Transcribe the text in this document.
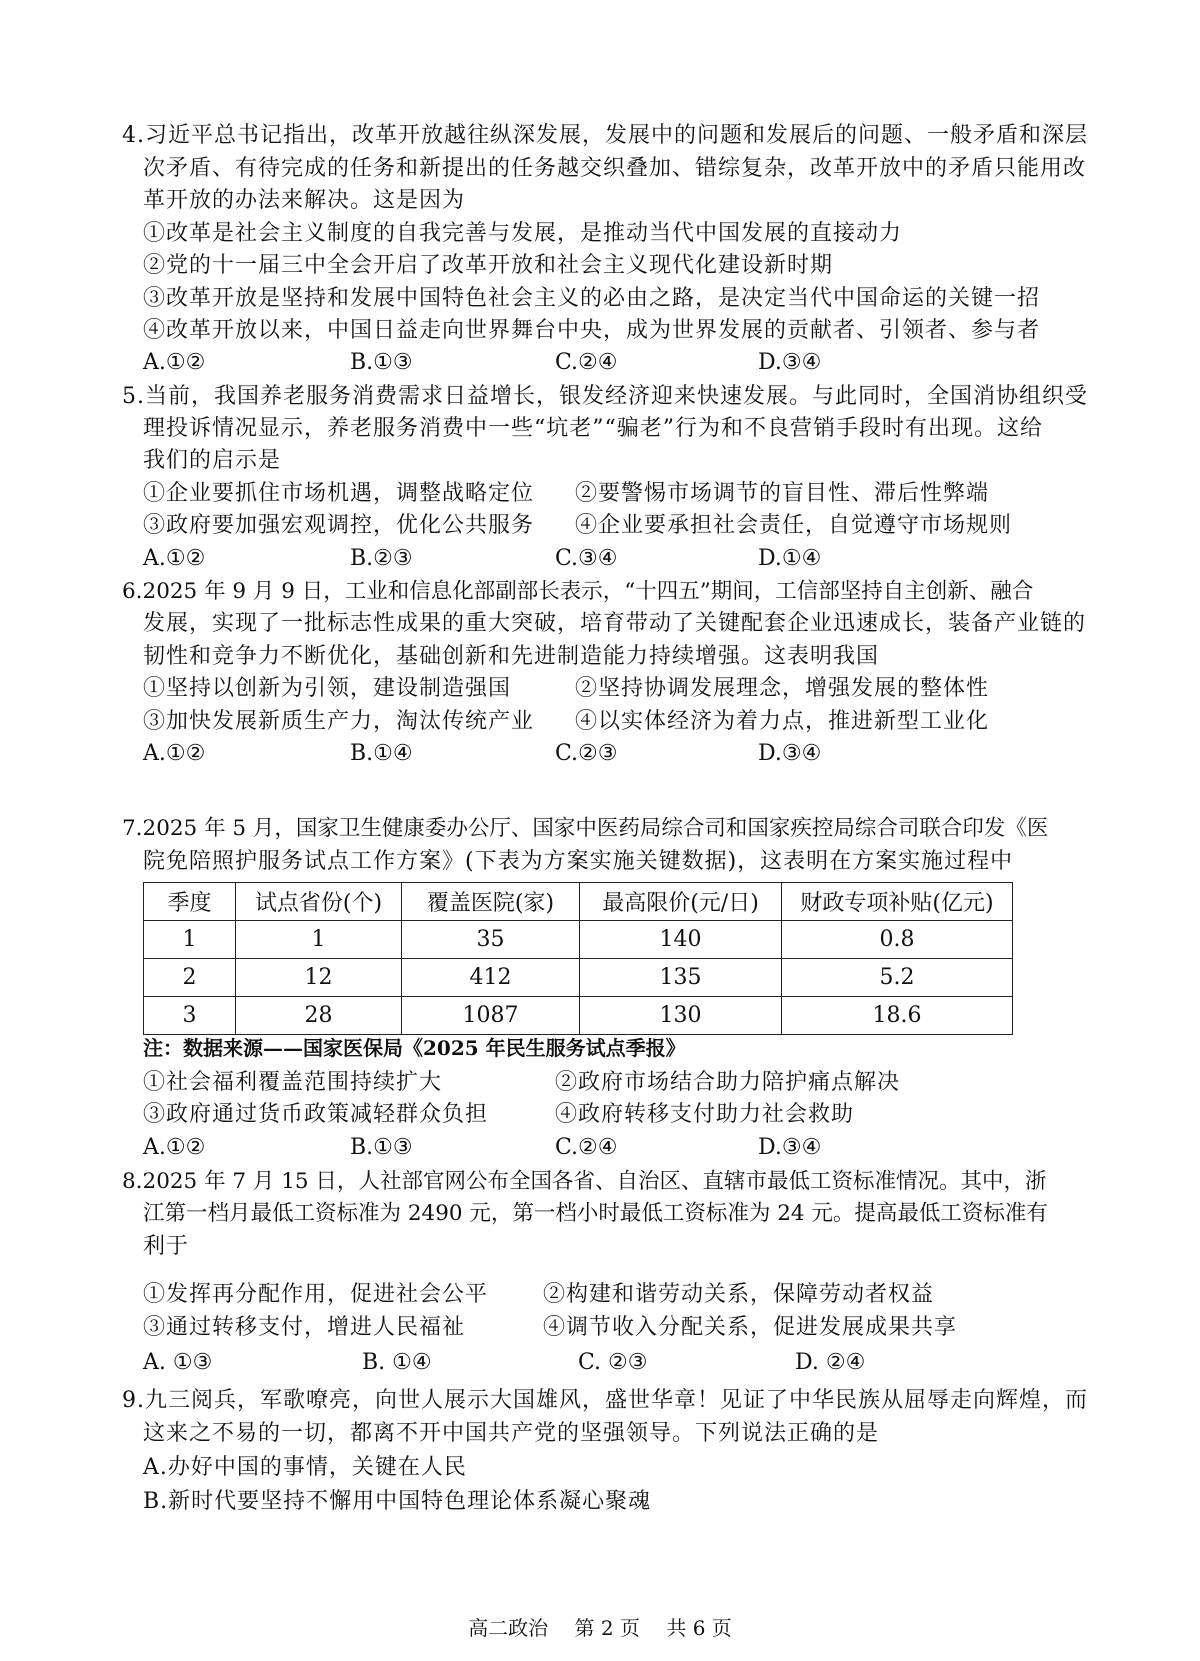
4.习近平总书记指出，改革开放越往纵深发展，发展中的问题和发展后的问题、一般矛盾和深层
次矛盾、有待完成的任务和新提出的任务越交织叠加、错综复杂，改革开放中的矛盾只能用改
革开放的办法来解决。这是因为
①改革是社会主义制度的自我完善与发展，是推动当代中国发展的直接动力
②党的十一届三中全会开启了改革开放和社会主义现代化建设新时期
③改革开放是坚持和发展中国特色社会主义的必由之路，是决定当代中国命运的关键一招
④改革开放以来，中国日益走向世界舞台中央，成为世界发展的贡献者、引领者、参与者
A.①②	B.①③	C.②④	D.③④
5.当前，我国养老服务消费需求日益增长，银发经济迎来快速发展。与此同时，全国消协组织受
理投诉情况显示，养老服务消费中一些“坑老”“骗老”行为和不良营销手段时有出现。这给
我们的启示是
①企业要抓住市场机遇，调整战略定位 ②要警惕市场调节的盲目性、滞后性弊端
③政府要加强宏观调控，优化公共服务 ④企业要承担社会责任，自觉遵守市场规则
A.①②	B.②③	C.③④	D.①④
6.2025 年 9 月 9 日，工业和信息化部副部长表示，“十四五”期间，工信部坚持自主创新、融合
发展，实现了一批标志性成果的重大突破，培育带动了关键配套企业迅速成长，装备产业链的
韧性和竞争力不断优化，基础创新和先进制造能力持续增强。这表明我国
①坚持以创新为引领，建设制造强国	②坚持协调发展理念，增强发展的整体性
③加快发展新质生产力，淘汰传统产业 ④以实体经济为着力点，推进新型工业化
A.①②	B.①④	C.②③	D.③④
7.2025 年 5 月，国家卫生健康委办公厅、国家中医药局综合司和国家疾控局综合司联合印发《医
院免陪照护服务试点工作方案》(下表为方案实施关键数据)，这表明在方案实施过程中
季度	试点省份(个)	覆盖医院(家)	最高限价(元/日)	财政专项补贴(亿元)
1	1	35	140	0.8
2	12	412	135	5.2
3	28	1087	130	18.6
注：数据来源——国家医保局《2025 年民生服务试点季报》
①社会福利覆盖范围持续扩大	②政府市场结合助力陪护痛点解决
③政府通过货币政策减轻群众负担	④政府转移支付助力社会救助
A.①②	B.①③	C.②④	D.③④
8.2025 年 7 月 15 日，人社部官网公布全国各省、自治区、直辖市最低工资标准情况。其中，浙
江第一档月最低工资标准为 2490 元，第一档小时最低工资标准为 24 元。提高最低工资标准有
利于
①发挥再分配作用，促进社会公平 ②构建和谐劳动关系，保障劳动者权益
③通过转移支付，增进人民福祉	④调节收入分配关系，促进发展成果共享
A. ①③	B. ①④	C. ②③	D. ②④
9.九三阅兵，军歌嘹亮，向世人展示大国雄风，盛世华章！见证了中华民族从屈辱走向辉煌，而
这来之不易的一切，都离不开中国共产党的坚强领导。下列说法正确的是
A.办好中国的事情，关键在人民
B.新时代要坚持不懈用中国特色理论体系凝心聚魂
高二政治 第 2 页 共 6 页
